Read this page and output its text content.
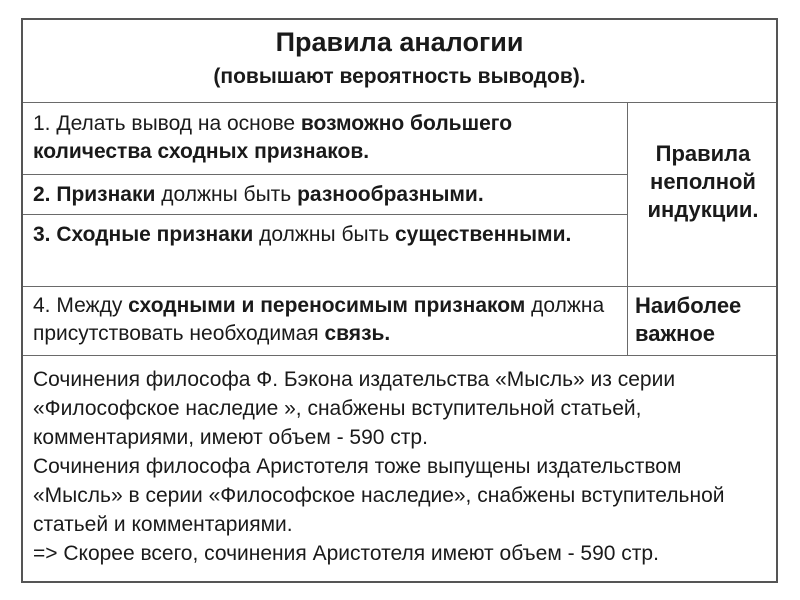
Правила аналогии
(повышают вероятность выводов).
1. Делать вывод на основе возможно большего количества сходных признаков.
2. Признаки должны быть разнообразными.
3. Сходные признаки должны быть существенными.
4. Между сходными и переносимым признаком должна присутствовать необходимая связь.
Правила неполной индукции.
Наиболее важное
Сочинения философа Ф. Бэкона издательства «Мысль» из серии «Философское наследие », снабжены вступительной статьей, комментариями, имеют объем - 590 стр.
Сочинения философа Аристотеля тоже выпущены издательством «Мысль» в серии «Философское наследие», снабжены вступительной статьей и комментариями.
=> Скорее всего, сочинения Аристотеля имеют объем - 590 стр.
